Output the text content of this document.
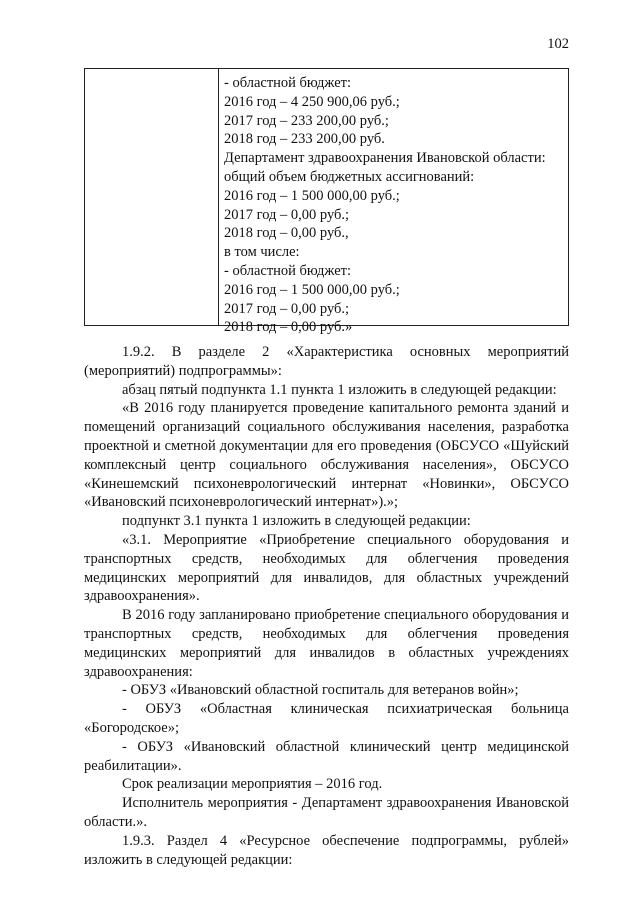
102
- областной бюджет:
2016 год – 4 250 900,06 руб.;
2017 год – 233 200,00 руб.;
2018 год – 233 200,00 руб.
Департамент здравоохранения Ивановской области:
общий объем бюджетных ассигнований:
2016 год – 1 500 000,00 руб.;
2017 год – 0,00 руб.;
2018 год – 0,00 руб.,
в том числе:
- областной бюджет:
2016 год – 1 500 000,00 руб.;
2017 год – 0,00 руб.;
2018 год – 0,00 руб.»

1.9.2. В разделе 2 «Характеристика основных мероприятий (мероприятий) подпрограммы»:

абзац пятый подпункта 1.1 пункта 1 изложить в следующей редакции:

«В 2016 году планируется проведение капитального ремонта зданий и помещений организаций социального обслуживания населения, разработка проектной и сметной документации для его проведения (ОБСУСО «Шуйский комплексный центр социального обслуживания населения», ОБСУСО «Кинешемский психоневрологический интернат «Новинки», ОБСУСО «Ивановский психоневрологический интернат»).»;

подпункт 3.1 пункта 1 изложить в следующей редакции:

«3.1. Мероприятие «Приобретение специального оборудования и транспортных средств, необходимых для облегчения проведения медицинских мероприятий для инвалидов, для областных учреждений здравоохранения».

В 2016 году запланировано приобретение специального оборудования и транспортных средств, необходимых для облегчения проведения медицинских мероприятий для инвалидов в областных учреждениях здравоохранения:

- ОБУЗ «Ивановский областной госпиталь для ветеранов войн»;

- ОБУЗ «Областная клиническая психиатрическая больница «Богородское»;

- ОБУЗ «Ивановский областной клинический центр медицинской реабилитации».

Срок реализации мероприятия – 2016 год.

Исполнитель мероприятия - Департамент здравоохранения Ивановской области.».

1.9.3. Раздел 4 «Ресурсное обеспечение подпрограммы, рублей» изложить в следующей редакции:
